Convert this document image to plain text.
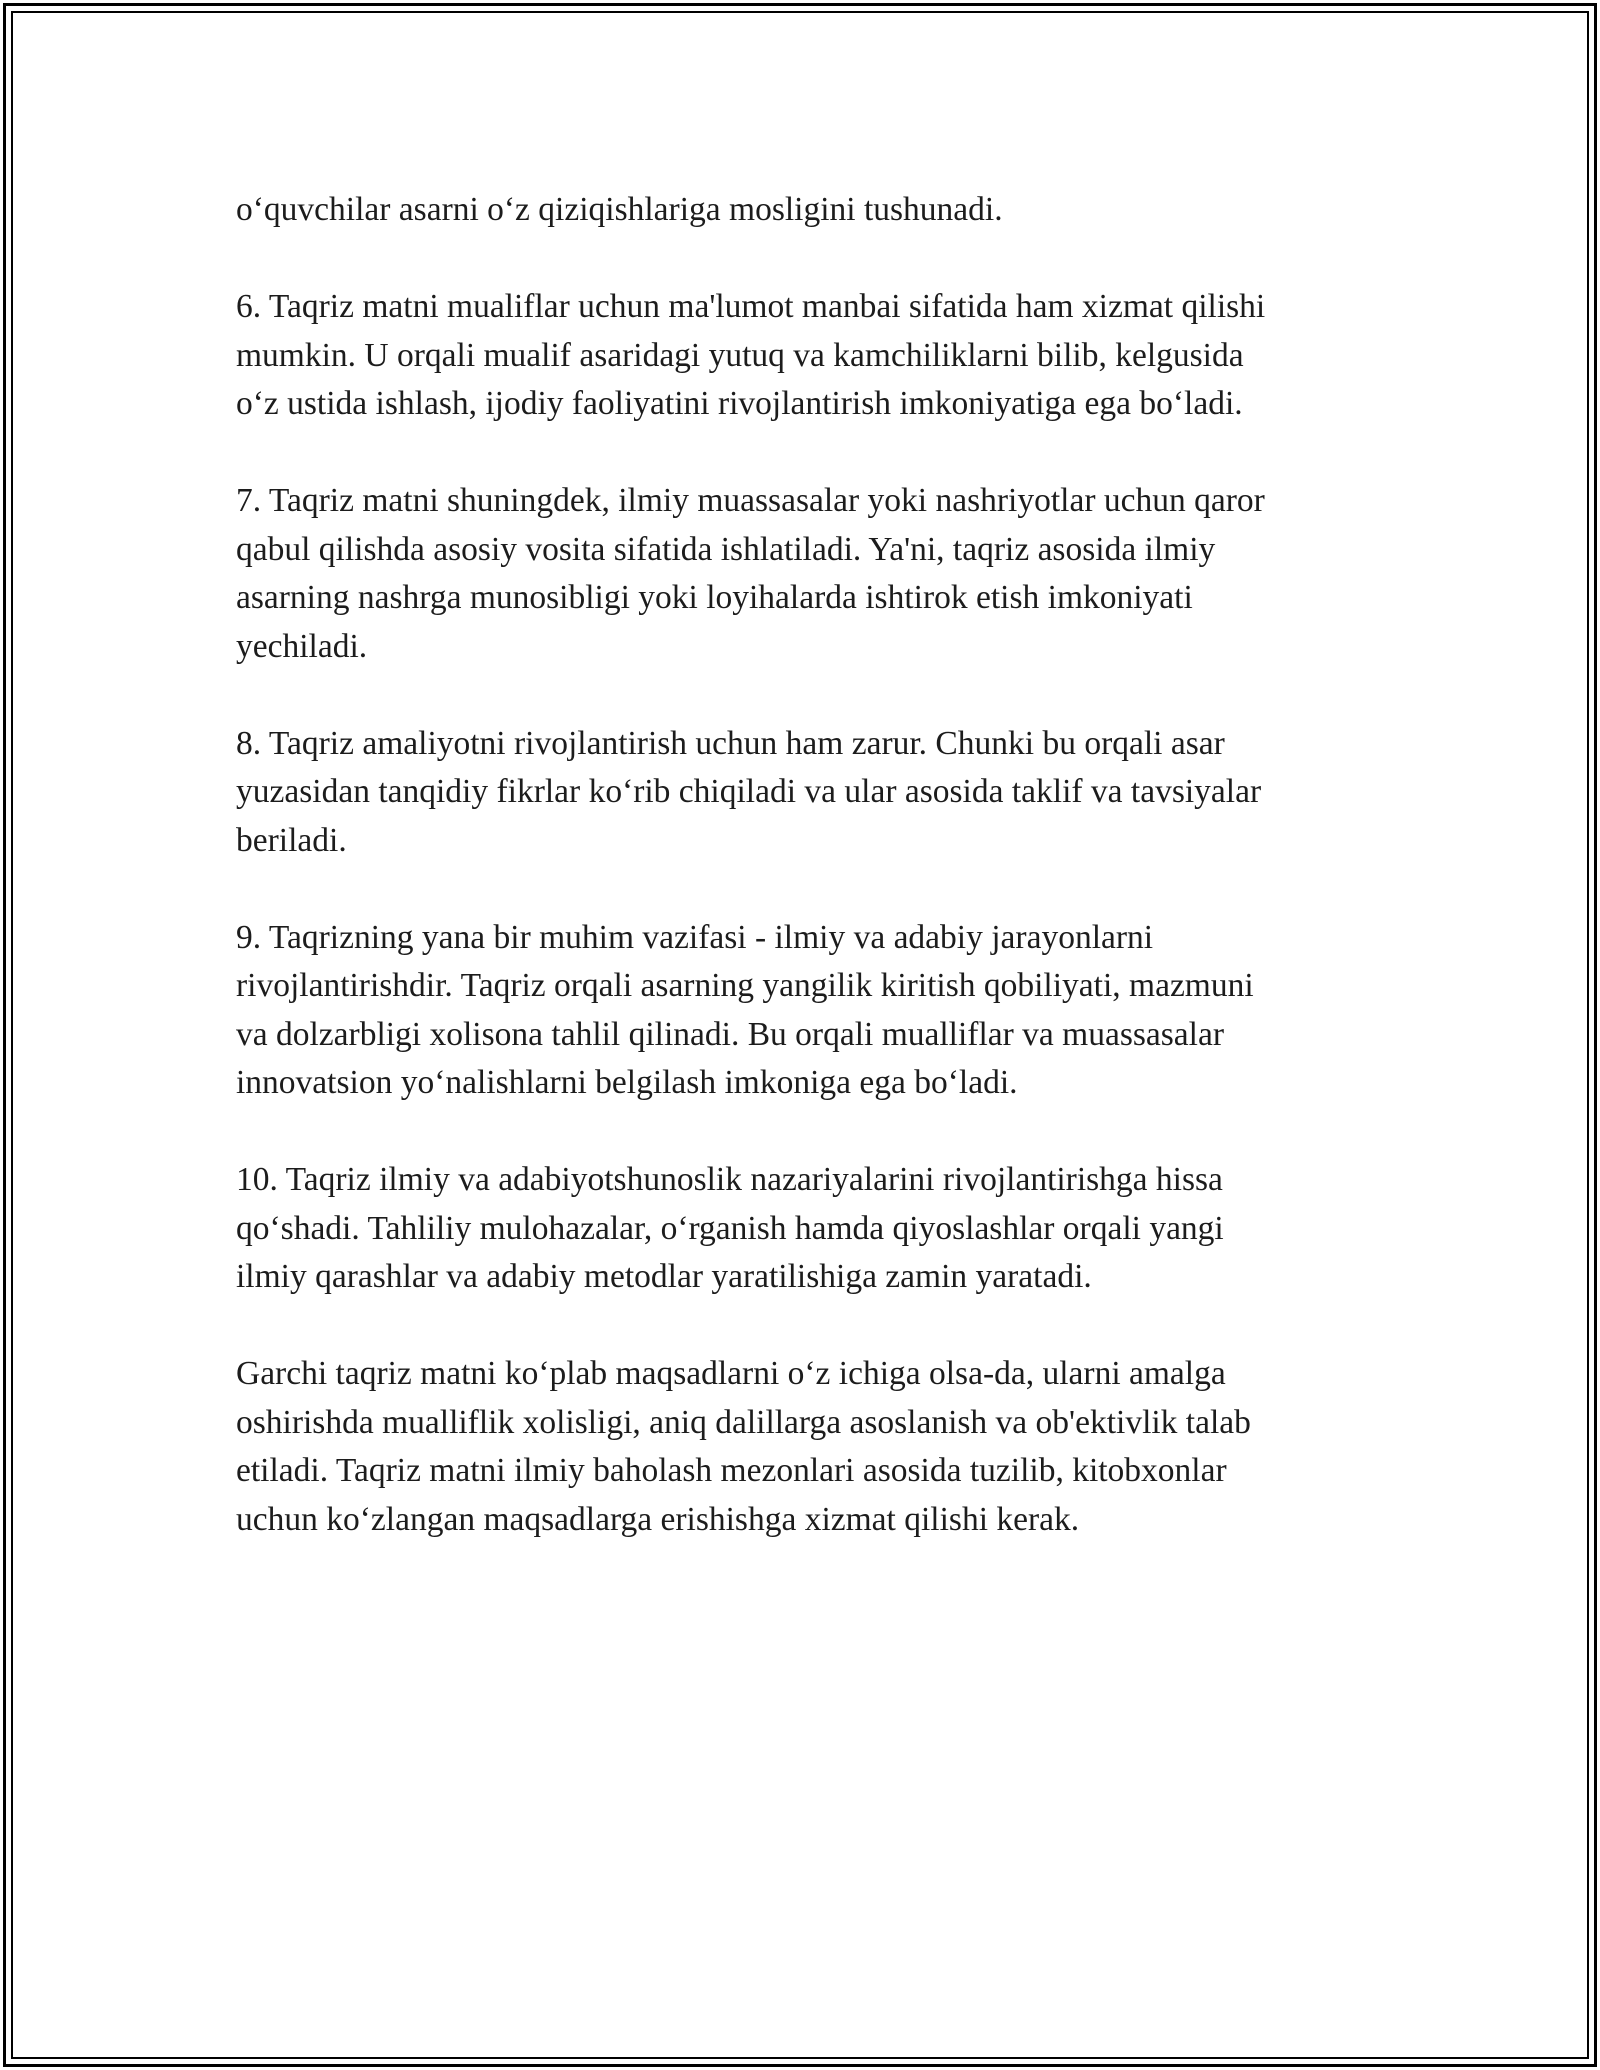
o‘quvchilar asarni o‘z qiziqishlariga mosligini tushunadi.

6. Taqriz matni mualiflar uchun ma'lumot manbai sifatida ham xizmat qilishi
mumkin. U orqali mualif asaridagi yutuq va kamchiliklarni bilib, kelgusida
o‘z ustida ishlash, ijodiy faoliyatini rivojlantirish imkoniyatiga ega bo‘ladi.

7. Taqriz matni shuningdek, ilmiy muassasalar yoki nashriyotlar uchun qaror
qabul qilishda asosiy vosita sifatida ishlatiladi. Ya'ni, taqriz asosida ilmiy
asarning nashrga munosibligi yoki loyihalarda ishtirok etish imkoniyati
yechiladi.

8. Taqriz amaliyotni rivojlantirish uchun ham zarur. Chunki bu orqali asar
yuzasidan tanqidiy fikrlar ko‘rib chiqiladi va ular asosida taklif va tavsiyalar
beriladi.

9. Taqrizning yana bir muhim vazifasi - ilmiy va adabiy jarayonlarni
rivojlantirishdir. Taqriz orqali asarning yangilik kiritish qobiliyati, mazmuni
va dolzarbligi xolisona tahlil qilinadi. Bu orqali mualliflar va muassasalar
innovatsion yo‘nalishlarni belgilash imkoniga ega bo‘ladi.

10. Taqriz ilmiy va adabiyotshunoslik nazariyalarini rivojlantirishga hissa
qo‘shadi. Tahliliy mulohazalar, o‘rganish hamda qiyoslashlar orqali yangi
ilmiy qarashlar va adabiy metodlar yaratilishiga zamin yaratadi.

Garchi taqriz matni ko‘plab maqsadlarni o‘z ichiga olsa-da, ularni amalga
oshirishda mualliflik xolisligi, aniq dalillarga asoslanish va ob'ektivlik talab
etiladi. Taqriz matni ilmiy baholash mezonlari asosida tuzilib, kitobxonlar
uchun ko‘zlangan maqsadlarga erishishga xizmat qilishi kerak.
